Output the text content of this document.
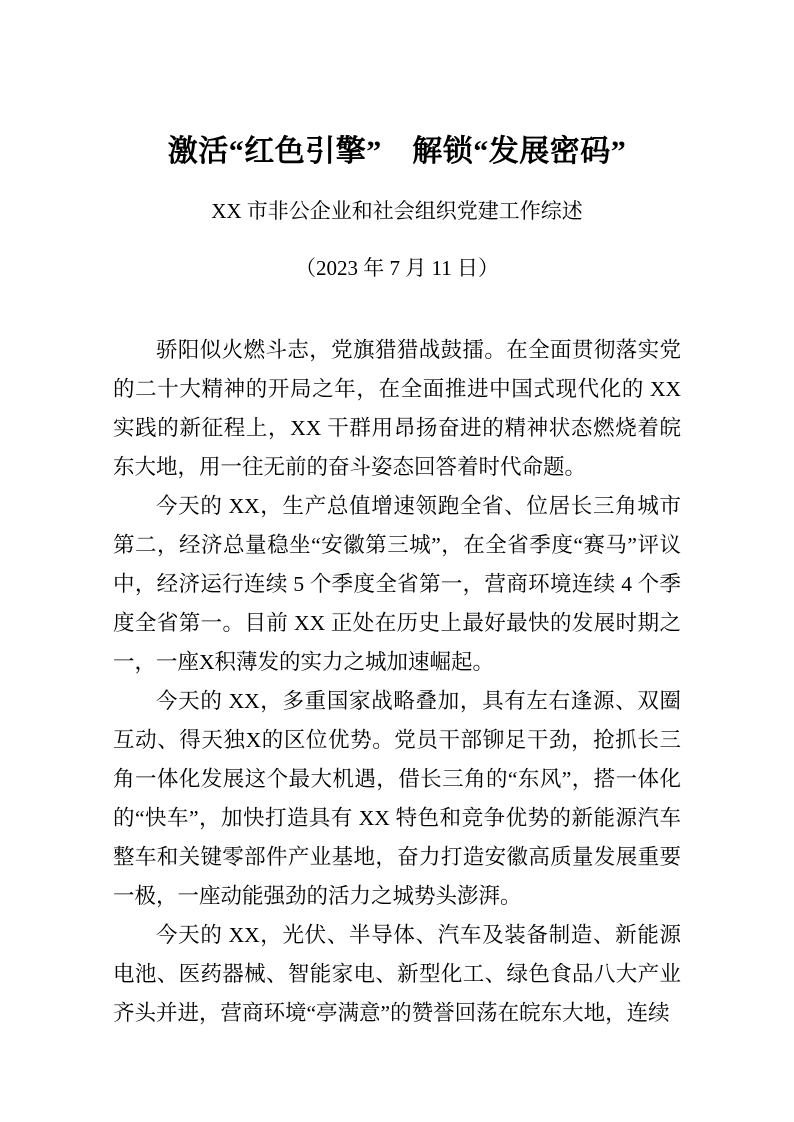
激活“红色引擎”　解锁“发展密码”
XX 市非公企业和社会组织党建工作综述
（2023 年 7 月 11 日）

骄阳似火燃斗志，党旗猎猎战鼓擂。在全面贯彻落实党的二十大精神的开局之年，在全面推进中国式现代化的 XX 实践的新征程上，XX 干群用昂扬奋进的精神状态燃烧着皖东大地，用一往无前的奋斗姿态回答着时代命题。

今天的 XX，生产总值增速领跑全省、位居长三角城市第二，经济总量稳坐“安徽第三城”，在全省季度“赛马”评议中，经济运行连续 5 个季度全省第一，营商环境连续 4 个季度全省第一。目前 XX 正处在历史上最好最快的发展时期之一，一座X积薄发的实力之城加速崛起。

今天的 XX，多重国家战略叠加，具有左右逢源、双圈互动、得天独X的区位优势。党员干部铆足干劲，抢抓长三角一体化发展这个最大机遇，借长三角的“东风”，搭一体化的“快车”，加快打造具有 XX 特色和竞争优势的新能源汽车整车和关键零部件产业基地，奋力打造安徽高质量发展重要一极，一座动能强劲的活力之城势头澎湃。

今天的 XX，光伏、半导体、汽车及装备制造、新能源电池、医药器械、智能家电、新型化工、绿色食品八大产业齐头并进，营商环境“亭满意”的赞誉回荡在皖东大地，连续
